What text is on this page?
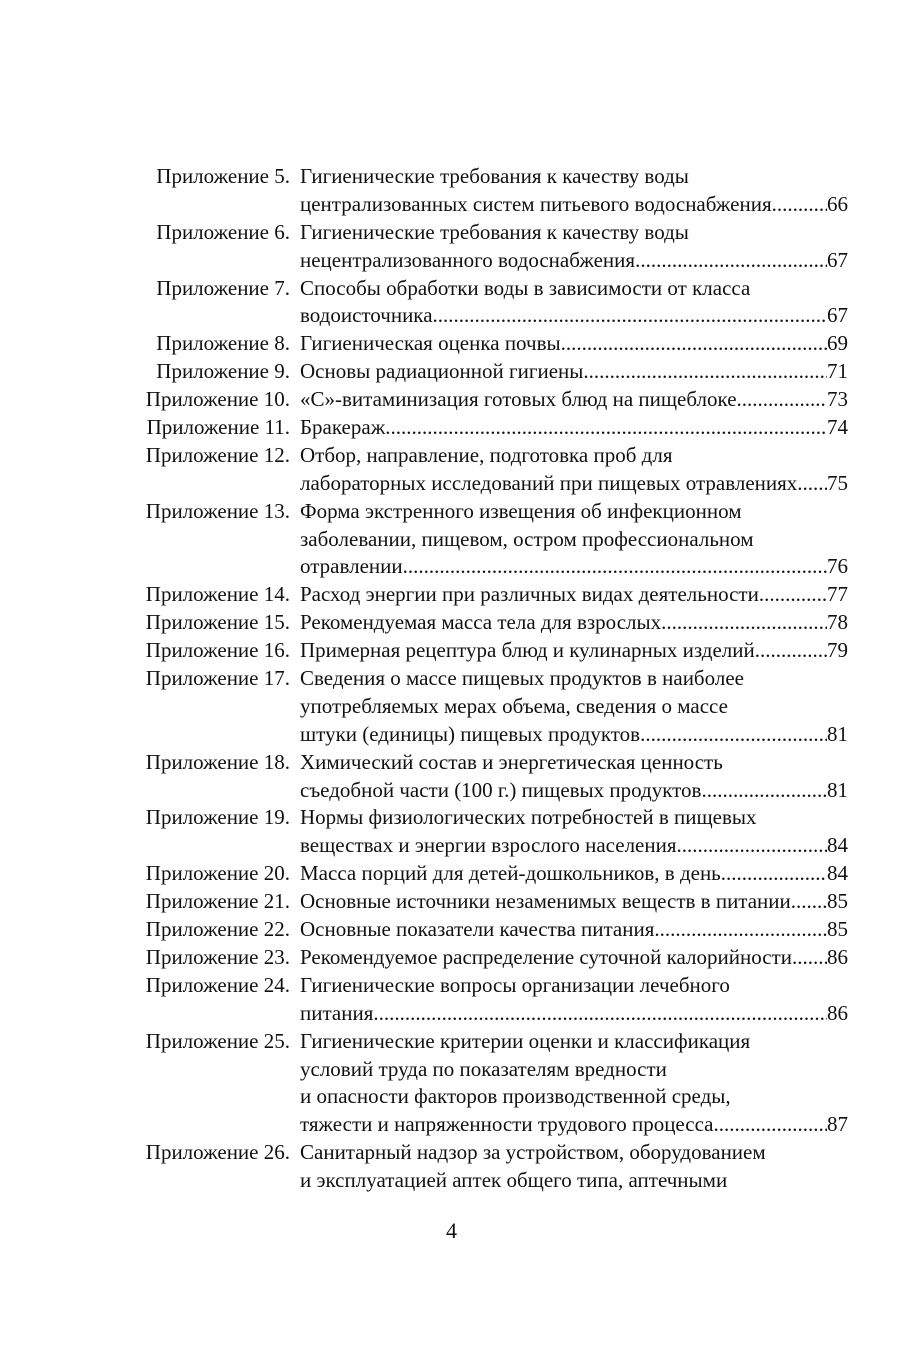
Приложение 5. Гигиенические требования к качеству воды
централизованных систем питьевого водоснабжения .....	66
Приложение 6. Гигиенические требования к качеству воды
нецентрализованного водоснабжения .....	67
Приложение 7. Способы обработки воды в зависимости от класса
водоисточника .....	67
Приложение 8. Гигиеническая оценка почвы .....	69
Приложение 9. Основы радиационной гигиены .....	71
Приложение 10. «С»-витаминизация готовых блюд на пищеблоке .....	73
Приложение 11. Бракераж .....	74
Приложение 12. Отбор, направление, подготовка проб для
лабораторных исследований при пищевых отравлениях ..... 75
Приложение 13. Форма экстренного извещения об инфекционном
заболевании, пищевом, остром профессиональном
отравлении .....	76
Приложение 14. Расход энергии при различных видах деятельности .....	77
Приложение 15. Рекомендуемая масса тела для взрослых .....	78
Приложение 16. Примерная рецептура блюд и кулинарных изделий .....	79
Приложение 17. Сведения о массе пищевых продуктов в наиболее
употребляемых мерах объема, сведения о массе
штуки (единицы) пищевых продуктов .....	81
Приложение 18. Химический состав и энергетическая ценность
съедобной части (100 г.) пищевых продуктов .....	81
Приложение 19. Нормы физиологических потребностей в пищевых
веществах и энергии взрослого населения .....	84
Приложение 20. Масса порций для детей-дошкольников, в день .....	84
Приложение 21. Основные источники незаменимых веществ в питании ..... 85
Приложение 22. Основные показатели качества питания .....	85
Приложение 23. Рекомендуемое распределение суточной калорийности ..... 86
Приложение 24. Гигиенические вопросы организации лечебного
питания .....	86
Приложение 25. Гигиенические критерии оценки и классификация
условий труда по показателям вредности
и опасности факторов производственной среды,
тяжести и напряженности трудового процесса .....	87
Приложение 26. Санитарный надзор за устройством, оборудованием
и эксплуатацией аптек общего типа, аптечными
4
